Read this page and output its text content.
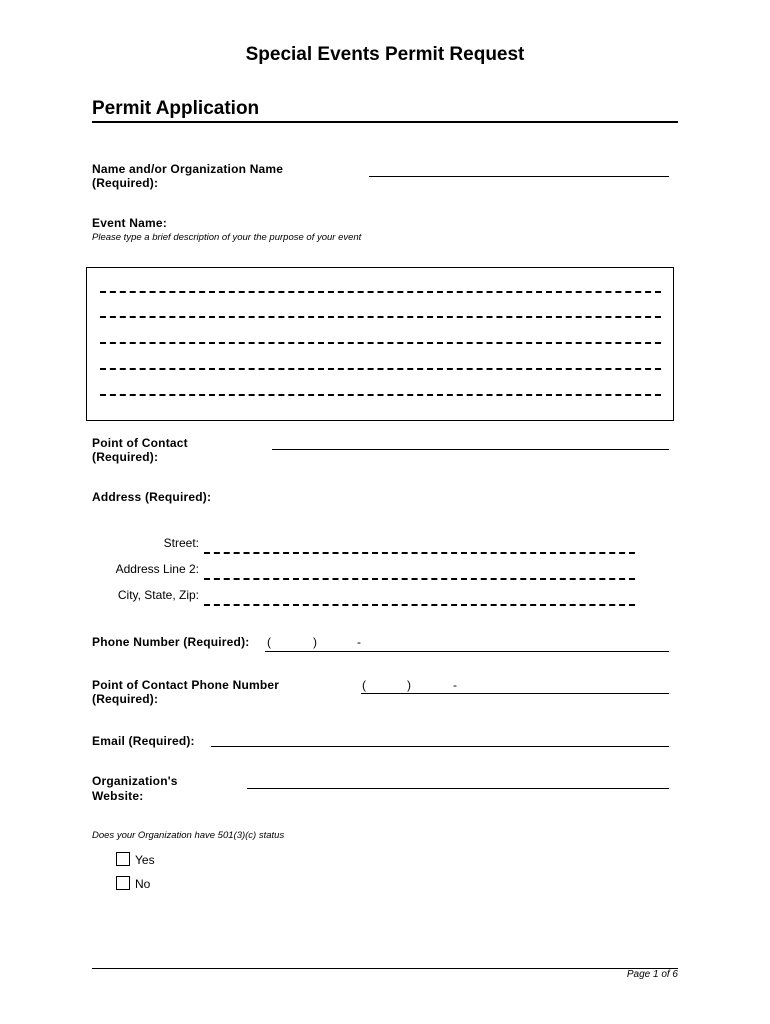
Special Events Permit Request
Permit Application
Name and/or Organization Name
(Required):
Event Name:
Please type a brief description of your the purpose of your event
Point of Contact
(Required):
Address (Required):
Street:
Address Line 2:
City, State, Zip:
Phone Number (Required): (	)	-
Point of Contact Phone Number
(Required):
(	)	-
Email (Required):
Organization's
Website:
Does your Organization have 501(3)(c) status
Yes
No
Page 1 of 6
